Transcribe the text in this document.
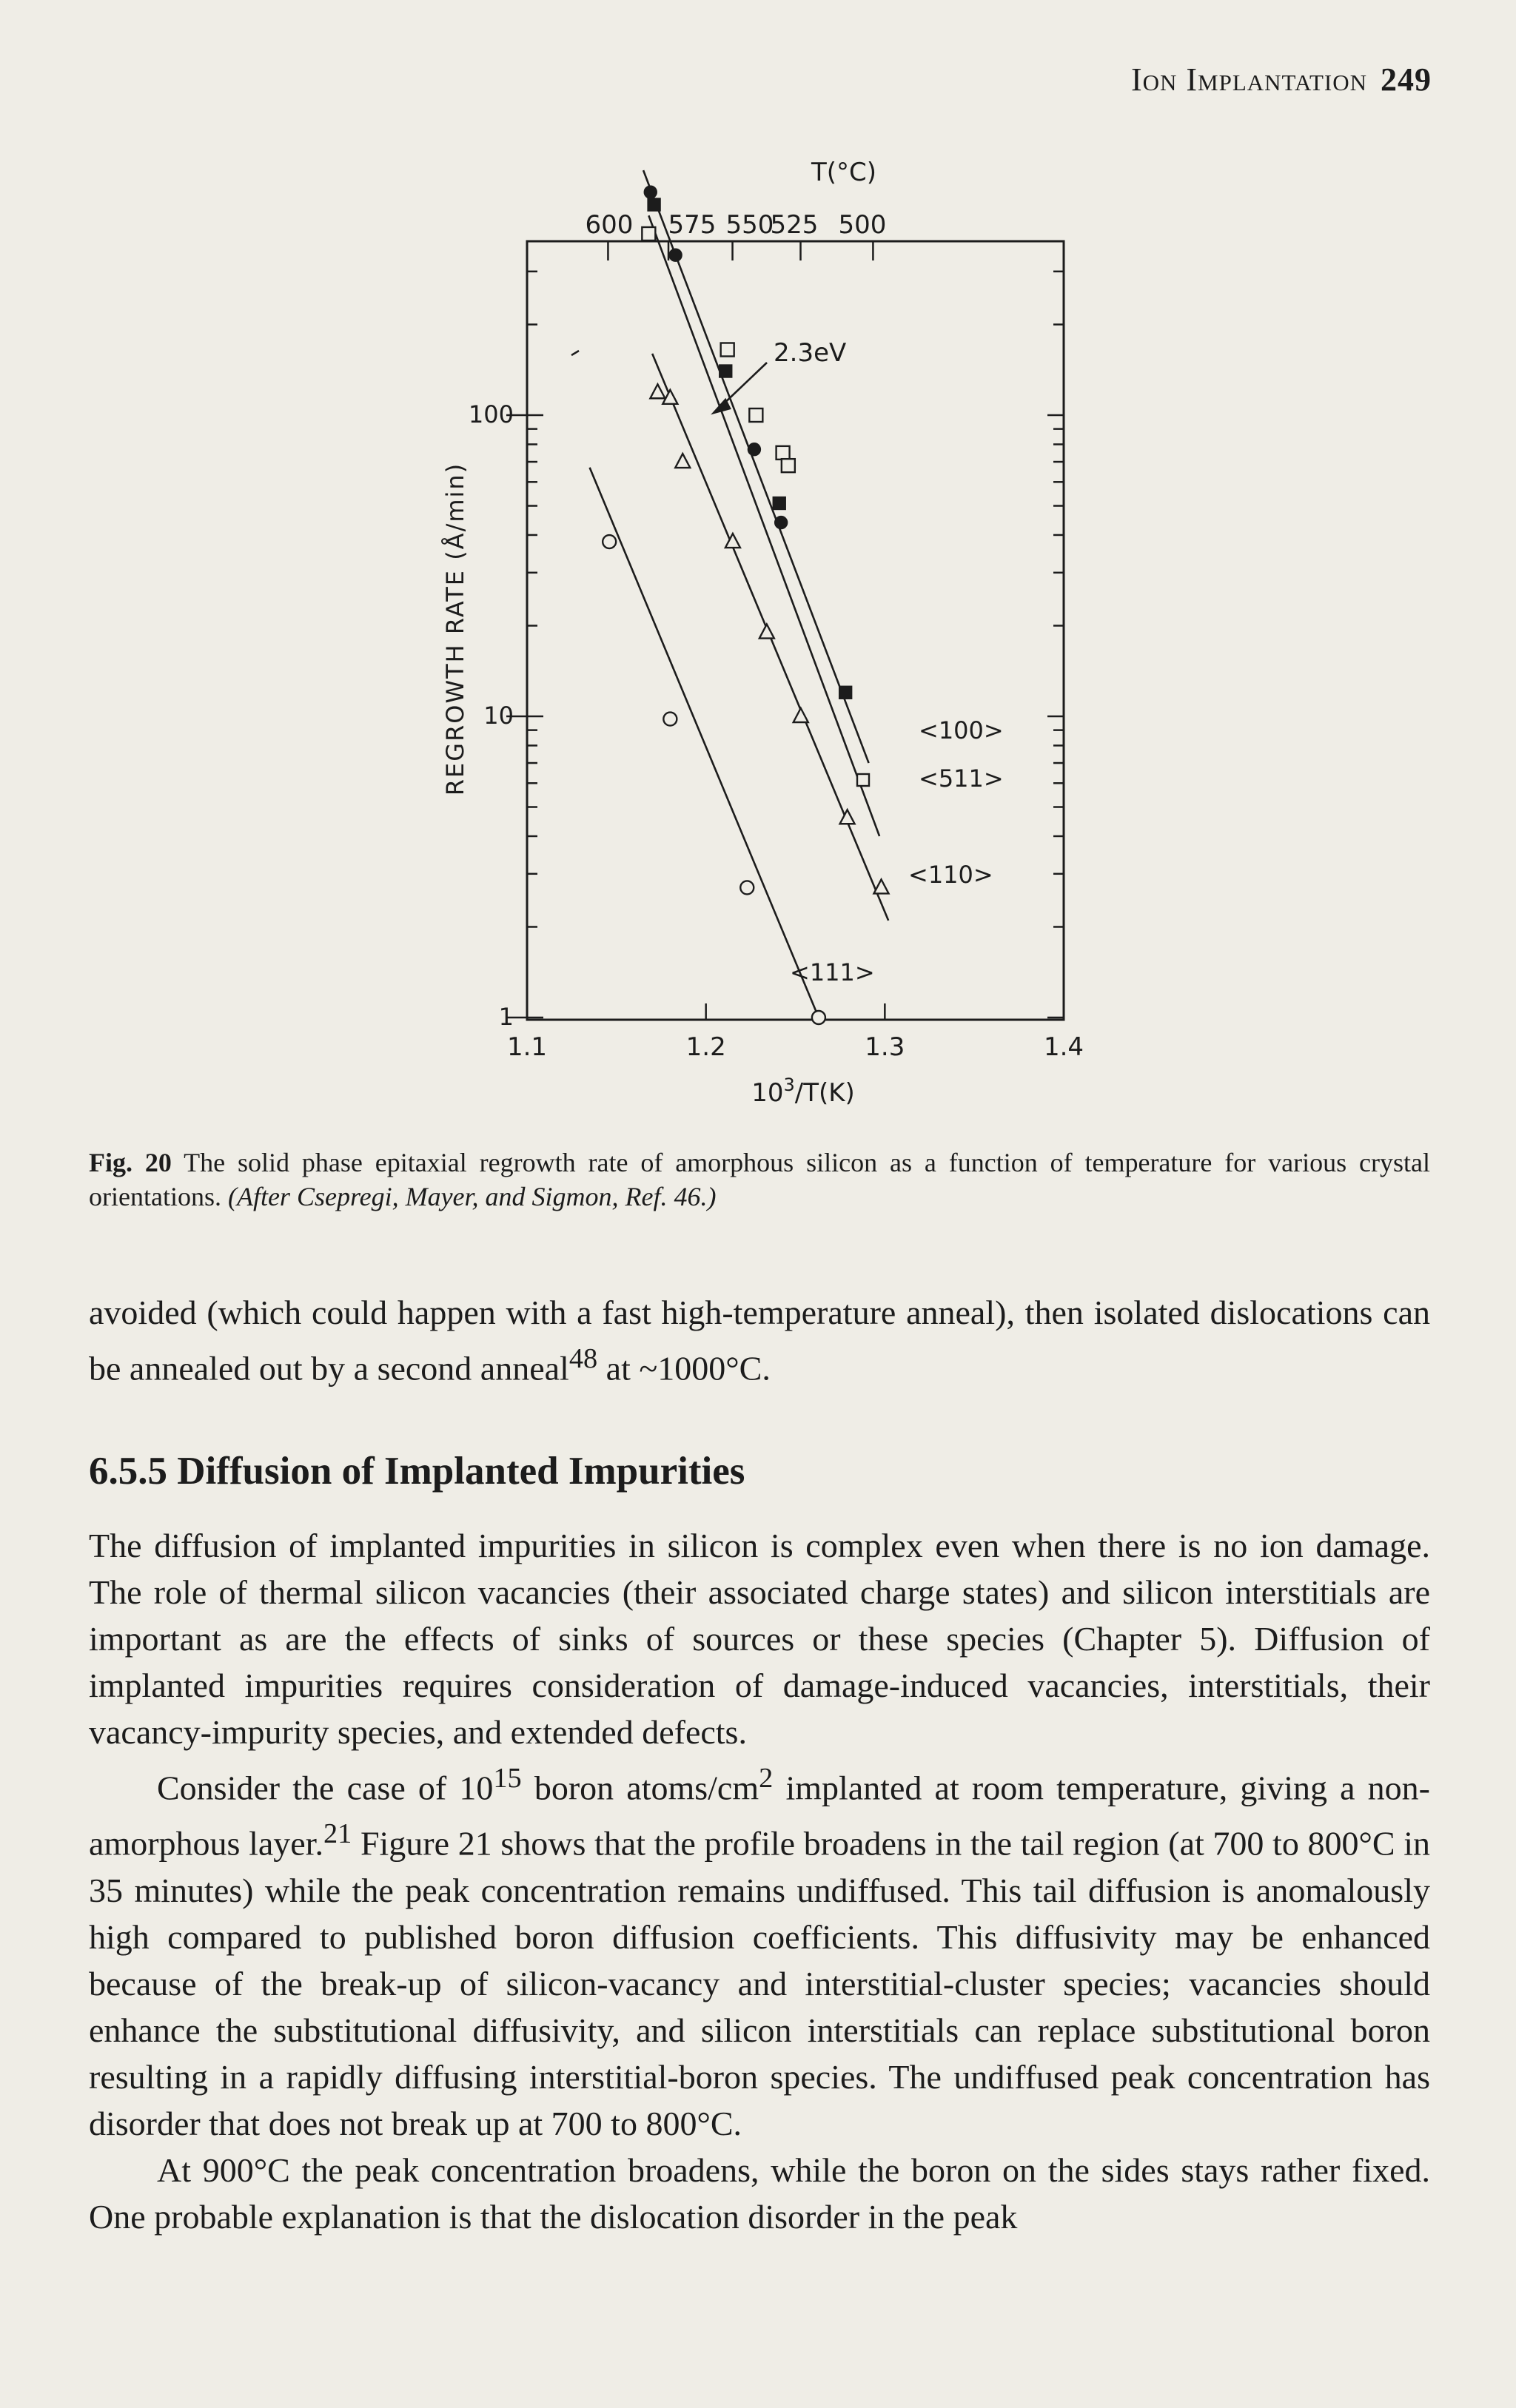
Ion Implantation 249
1.1	1.2	1.3	1.4
600 575 550
525 500
T(°C)
1
10
100
$10^3/T(K)$
REGROWTH RATE (Å/min)	<100>
<511>
<110>
<111>
2.3eV
Fig. 20 The solid phase epitaxial regrowth rate of amorphous silicon as a function of temperature for various crystal orientations. (After Csepregi, Mayer, and Sigmon, Ref. 46.)

avoided (which could happen with a fast high-temperature anneal), then isolated dislocations can be annealed out by a second anneal$^{48}$ at ~1000°C.

6.5.5 Diffusion of Implanted Impurities

The diffusion of implanted impurities in silicon is complex even when there is no ion damage. The role of thermal silicon vacancies (their associated charge states) and silicon interstitials are important as are the effects of sinks of sources or these species (Chapter 5). Diffusion of implanted impurities requires consideration of damage-induced vacancies, interstitials, their vacancy-impurity species, and extended defects.

Consider the case of $10^{15}$ boron atoms/$cm^2$ implanted at room temperature, giving a non-amorphous layer.$^{21}$ Figure 21 shows that the profile broadens in the tail region (at 700 to 800°C in 35 minutes) while the peak concentration remains undiffused. This tail diffusion is anomalously high compared to published boron diffusion coefficients. This diffusivity may be enhanced because of the break-up of silicon-vacancy and interstitial-cluster species; vacancies should enhance the substitutional diffusivity, and silicon interstitials can replace substitutional boron resulting in a rapidly diffusing interstitial-boron species. The undiffused peak concentration has disorder that does not break up at 700 to 800°C.

At 900°C the peak concentration broadens, while the boron on the sides stays rather fixed. One probable explanation is that the dislocation disorder in the peak
